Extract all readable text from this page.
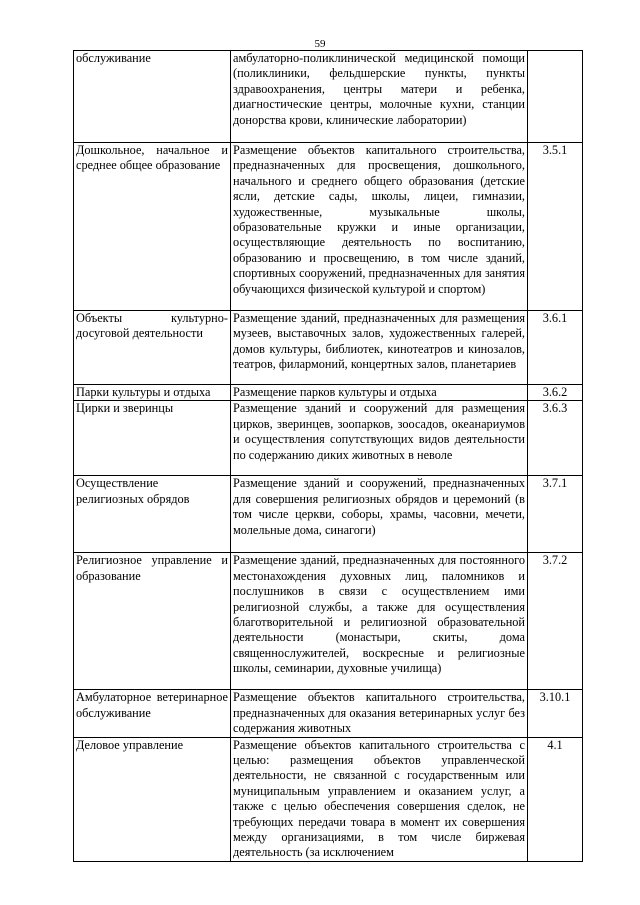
59
обслуживание	амбулаторно-поликлинической медицинской помощи (поликлиники, фельдшерские пункты, пункты здравоохранения, центры матери и ребенка, диагностические центры, молочные кухни, станции донорства крови, клинические лаборатории)	

Дошкольное, начальное и среднее общее образование	Размещение объектов капитального строительства, предназначенных для просвещения, дошкольного, начального и среднего общего образования (детские ясли, детские сады, школы, лицеи, гимназии, художественные, музыкальные школы, образовательные кружки и иные организации, осуществляющие деятельность по воспитанию, образованию и просвещению, в том числе зданий, спортивных сооружений, предназначенных для занятия обучающихся физической культурой и спортом)	3.5.1

Объекты культурно-досуговой деятельности	Размещение зданий, предназначенных для размещения музеев, выставочных залов, художественных галерей, домов культуры, библиотек, кинотеатров и кинозалов, театров, филармоний, концертных залов, планетариев	3.6.1

Парки культуры и отдыха	Размещение парков культуры и отдыха	3.6.2

Цирки и зверинцы	Размещение зданий и сооружений для размещения цирков, зверинцев, зоопарков, зоосадов, океанариумов и осуществления сопутствующих видов деятельности по содержанию диких животных в неволе	3.6.3

Осуществление религиозных обрядов	Размещение зданий и сооружений, предназначенных для совершения религиозных обрядов и церемоний (в том числе церкви, соборы, храмы, часовни, мечети, молельные дома, синагоги)	3.7.1

Религиозное управление и образование	Размещение зданий, предназначенных для постоянного местонахождения духовных лиц, паломников и послушников в связи с осуществлением ими религиозной службы, а также для осуществления благотворительной и религиозной образовательной деятельности (монастыри, скиты, дома священнослужителей, воскресные и религиозные школы, семинарии, духовные училища)	3.7.2

Амбулаторное ветеринарное обслуживание	Размещение объектов капитального строительства, предназначенных для оказания ветеринарных услуг без содержания животных	3.10.1

Деловое управление	Размещение объектов капитального строительства с целью: размещения объектов управленческой деятельности, не связанной с государственным или муниципальным управлением и оказанием услуг, а также с целью обеспечения совершения сделок, не требующих передачи товара в момент их совершения между организациями, в том числе биржевая деятельность (за исключением	4.1
